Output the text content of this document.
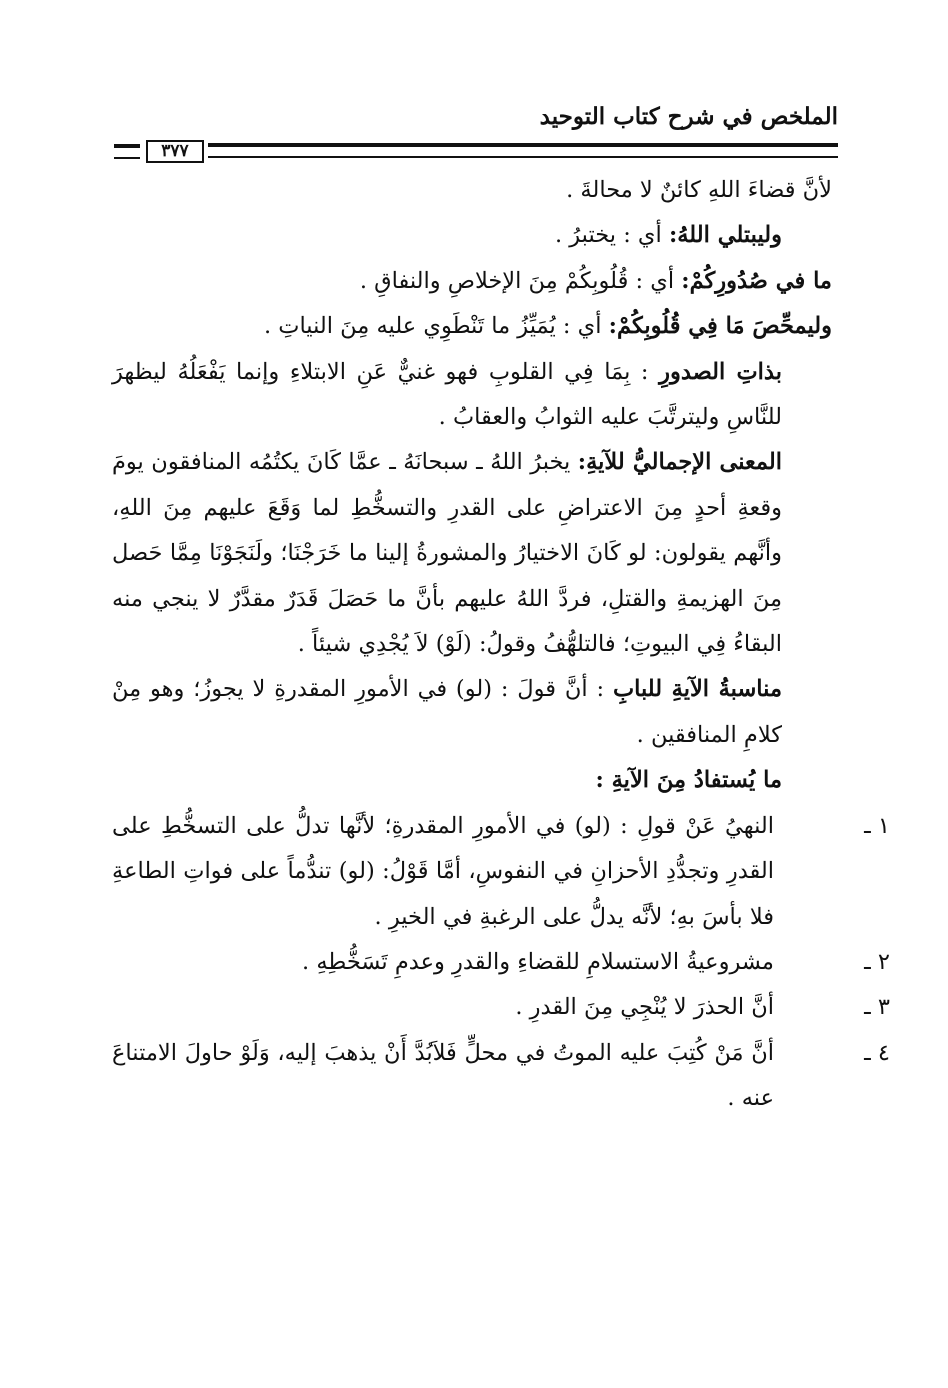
الملخص في شرح كتاب التوحيد
٣٧٧

لأنَّ قضاءَ اللهِ كائنٌ لا محالةَ .

وليبتلي اللهُ: أي : يختبرُ .

ما في صُدُورِكُمْ: أي : قُلُوبِكُمْ مِنَ الإخلاصِ والنفاقِ .

وليمحِّصَ مَا فِي قُلُوبِكُمْ: أي : يُمَيِّزُ ما تَنْطَوِي عليه مِنَ النياتِ .

بذاتِ الصدورِ : بِمَا فِي القلوبِ فهو غنيٌّ عَنِ الابتلاءِ وإنما يَفْعَلُهُ ليظهرَ للنَّاسِ وليترتَّبَ عليه الثوابُ والعقابُ .

المعنى الإجماليُّ للآيةِ: يخبرُ اللهُ ـ سبحانَهُ ـ عمَّا كَانَ يكتُمُه المنافقون يومَ وقعةِ أحدٍ مِنَ الاعتراضِ على القدرِ والتسخُّطِ لما وَقَعَ عليهم مِنَ اللهِ، وأنَّهم يقولون: لو كَانَ الاختيارُ والمشورةُ إلينا ما خَرَجْنَا؛ ولَنَجَوْنَا مِمَّا حَصل مِنَ الهزيمةِ والقتلِ، فردَّ اللهُ عليهم بأنَّ ما حَصَلَ قَدَرٌ مقدَّرٌ لا ينجي منه البقاءُ فِي البيوتِ؛ فالتلهُّفُ وقولُ: (لَوْ) لاَ يُجْدِي شيئاً .

مناسبةُ الآيةِ للبابِ : أنَّ قولَ : (لو) في الأمورِ المقدرةِ لا يجوزُ؛ وهو مِنْ كلامِ المنافقين .

ما يُستفادُ مِنَ الآيةِ :

١ ـالنهيُ عَنْ قولِ : (لو) في الأمورِ المقدرةِ؛ لأنَّها تدلُّ على التسخُّطِ على القدرِ وتجدُّدِ الأحزانِ في النفوسِ، أمَّا قَوْلُ: (لو) تندُّماً على فواتِ الطاعةِ فلا بأسَ بهِ؛ لأنَّه يدلُّ على الرغبةِ في الخيرِ .

٢ ـمشروعيةُ الاستسلامِ للقضاءِ والقدرِ وعدمِ تَسَخُّطِهِ .

٣ ـأنَّ الحذرَ لا يُنْجِي مِنَ القدرِ .

٤ ـأنَّ مَنْ كُتِبَ عليه الموتُ في محلٍّ فَلاَبُدَّ أَنْ يذهبَ إليه، وَلَوْ حاولَ الامتناعَ عنه .
